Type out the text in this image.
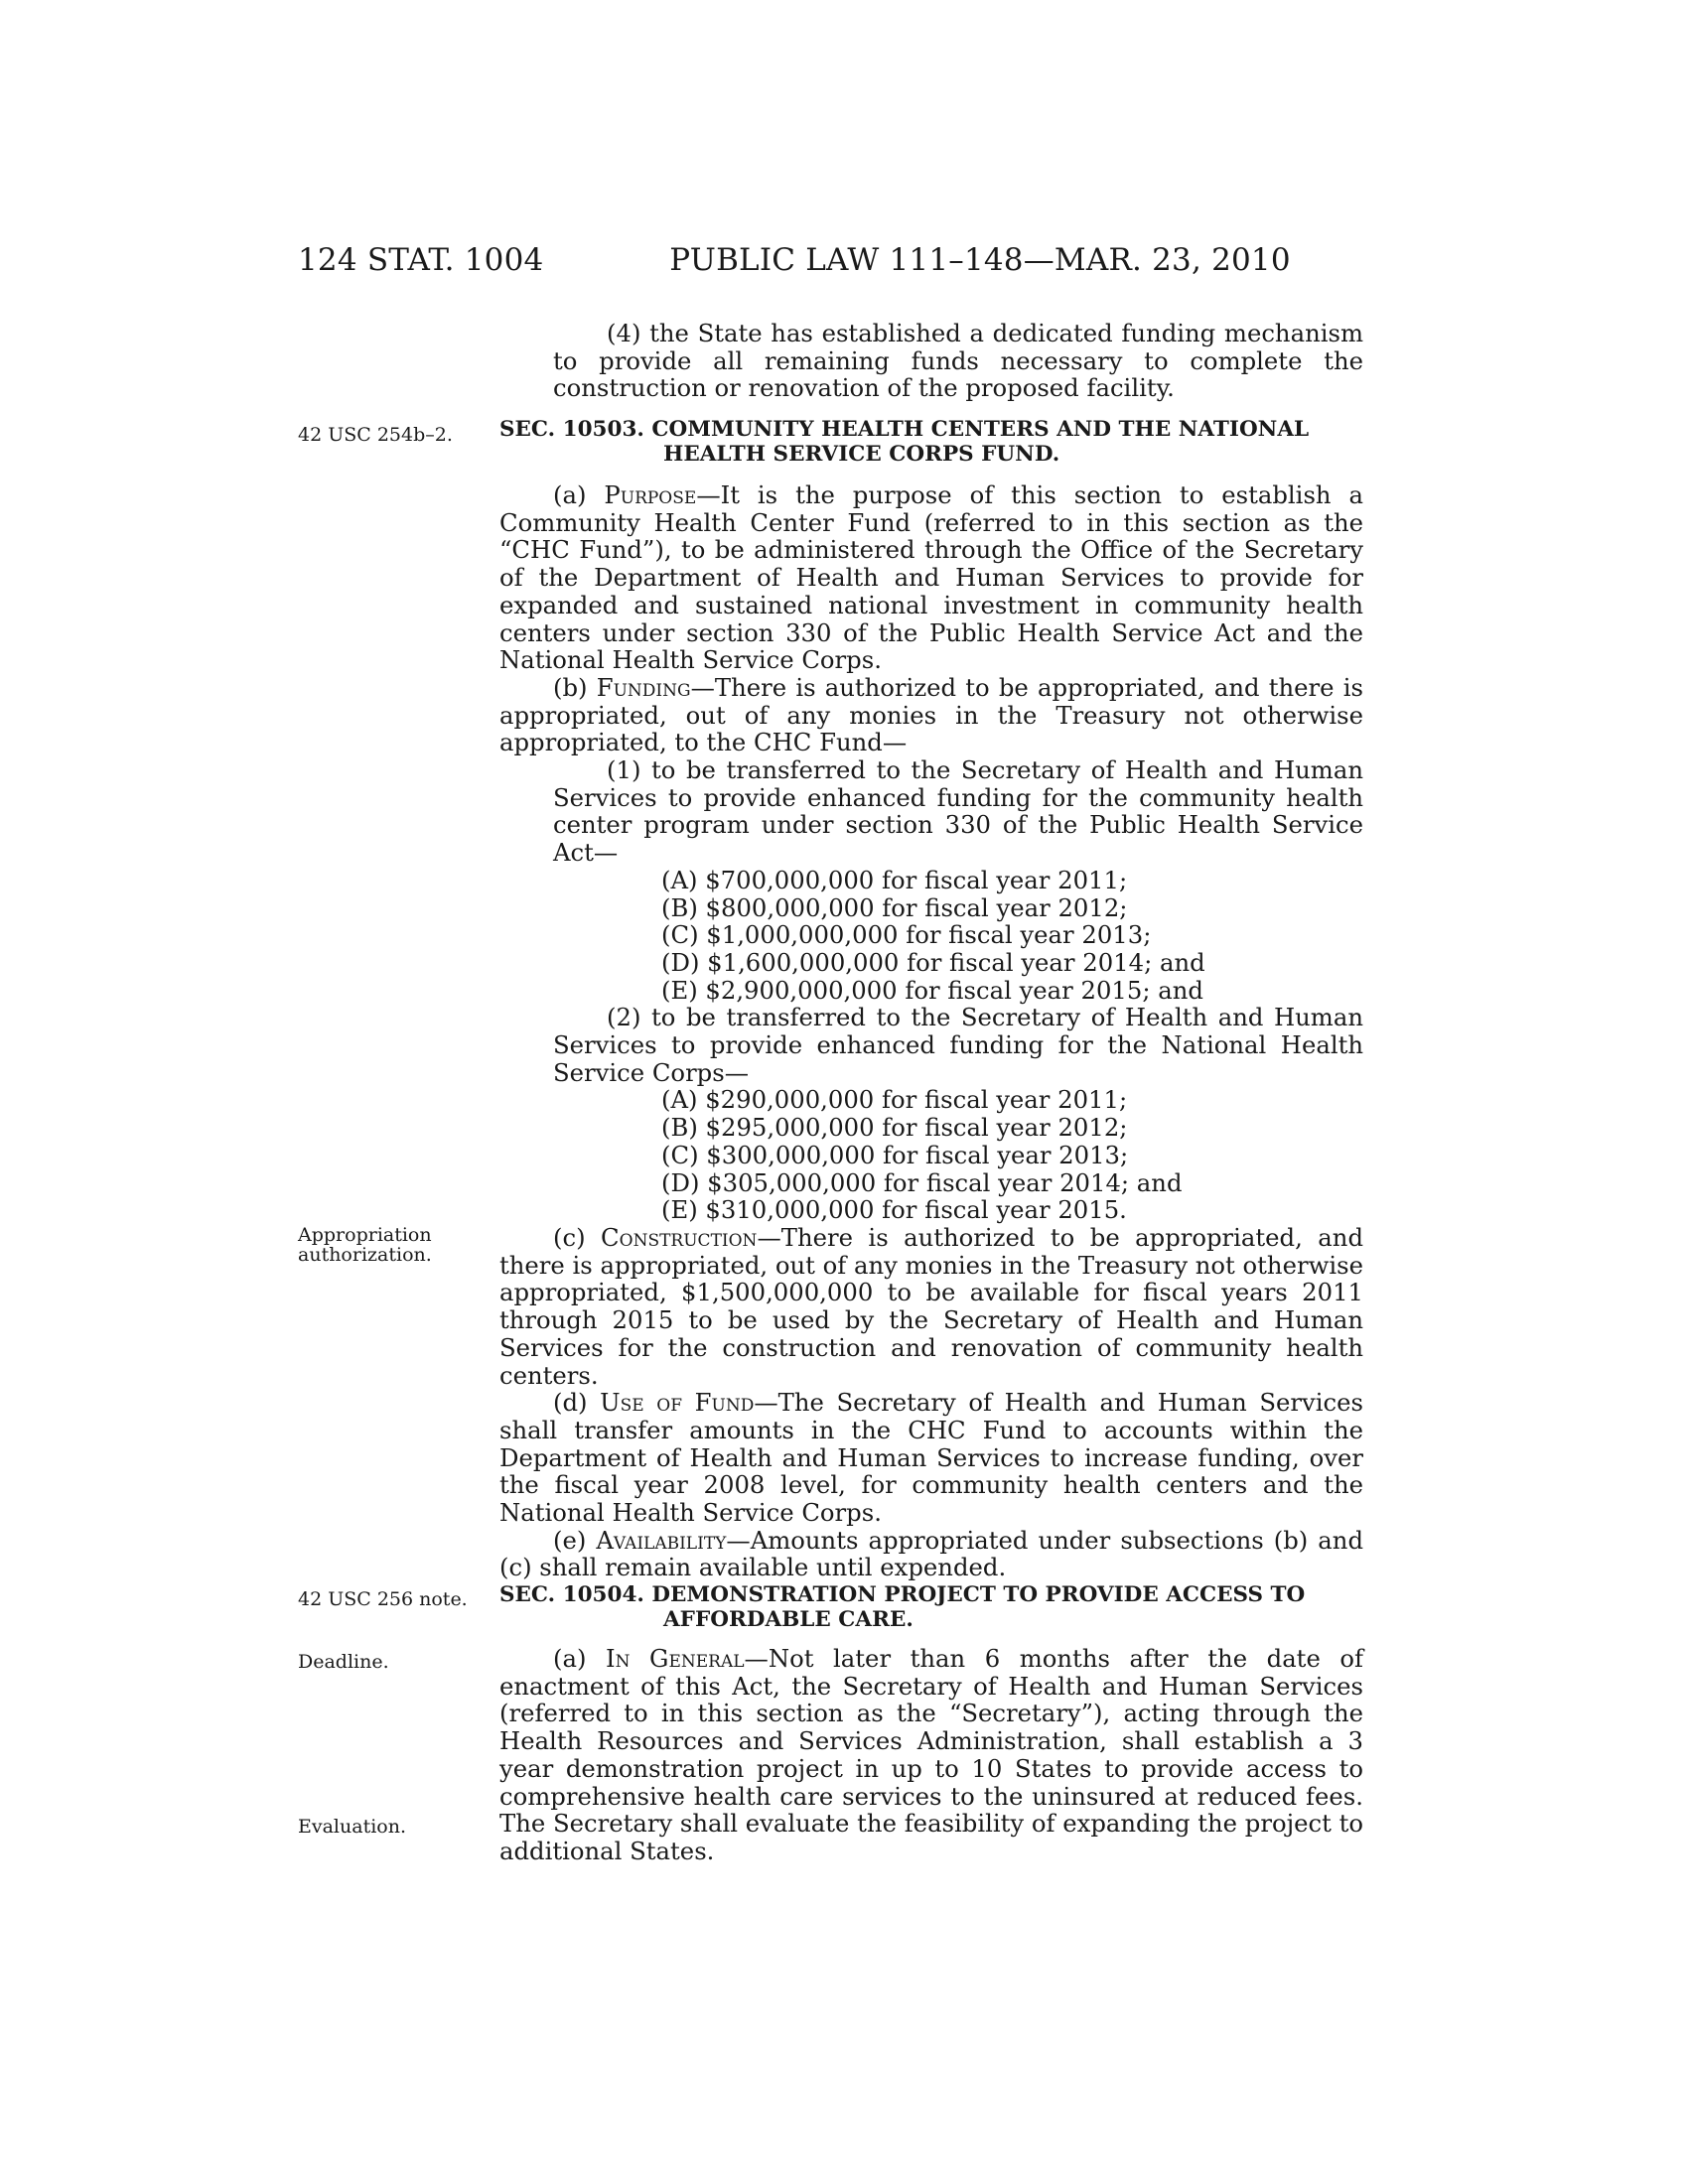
124 STAT. 1004	PUBLIC LAW 111–148—MAR. 23, 2010
42 USC 254b–2.
Appropriation authorization.
42 USC 256 note.
Deadline.
Evaluation.

(4) the State has established a dedicated funding mechanism to provide all remaining funds necessary to complete the construction or renovation of the proposed facility.

SEC. 10503. COMMUNITY HEALTH CENTERS AND THE NATIONAL
HEALTH SERVICE CORPS FUND.

(a) Purpose—It is the purpose of this section to establish a Community Health Center Fund (referred to in this section as the “CHC Fund”), to be administered through the Office of the Secretary of the Department of Health and Human Services to provide for expanded and sustained national investment in community health centers under section 330 of the Public Health Service Act and the National Health Service Corps.

(b) Funding—There is authorized to be appropriated, and there is appropriated, out of any monies in the Treasury not otherwise appropriated, to the CHC Fund—

(1) to be transferred to the Secretary of Health and Human Services to provide enhanced funding for the community health center program under section 330 of the Public Health Service Act—

(A) $700,000,000 for fiscal year 2011;

(B) $800,000,000 for fiscal year 2012;

(C) $1,000,000,000 for fiscal year 2013;

(D) $1,600,000,000 for fiscal year 2014; and

(E) $2,900,000,000 for fiscal year 2015; and

(2) to be transferred to the Secretary of Health and Human Services to provide enhanced funding for the National Health Service Corps—

(A) $290,000,000 for fiscal year 2011;

(B) $295,000,000 for fiscal year 2012;

(C) $300,000,000 for fiscal year 2013;

(D) $305,000,000 for fiscal year 2014; and

(E) $310,000,000 for fiscal year 2015.

(c) Construction—There is authorized to be appropriated, and there is appropriated, out of any monies in the Treasury not otherwise appropriated, $1,500,000,000 to be available for fiscal years 2011 through 2015 to be used by the Secretary of Health and Human Services for the construction and renovation of community health centers.

(d) Use of Fund—The Secretary of Health and Human Services shall transfer amounts in the CHC Fund to accounts within the Department of Health and Human Services to increase funding, over the fiscal year 2008 level, for community health centers and the National Health Service Corps.

(e) Availability—Amounts appropriated under subsections (b) and (c) shall remain available until expended.

SEC. 10504. DEMONSTRATION PROJECT TO PROVIDE ACCESS TO
AFFORDABLE CARE.

(a) In General—Not later than 6 months after the date of enactment of this Act, the Secretary of Health and Human Services (referred to in this section as the “Secretary”), acting through the Health Resources and Services Administration, shall establish a 3 year demonstration project in up to 10 States to provide access to comprehensive health care services to the uninsured at reduced fees. The Secretary shall evaluate the feasibility of expanding the project to additional States.
